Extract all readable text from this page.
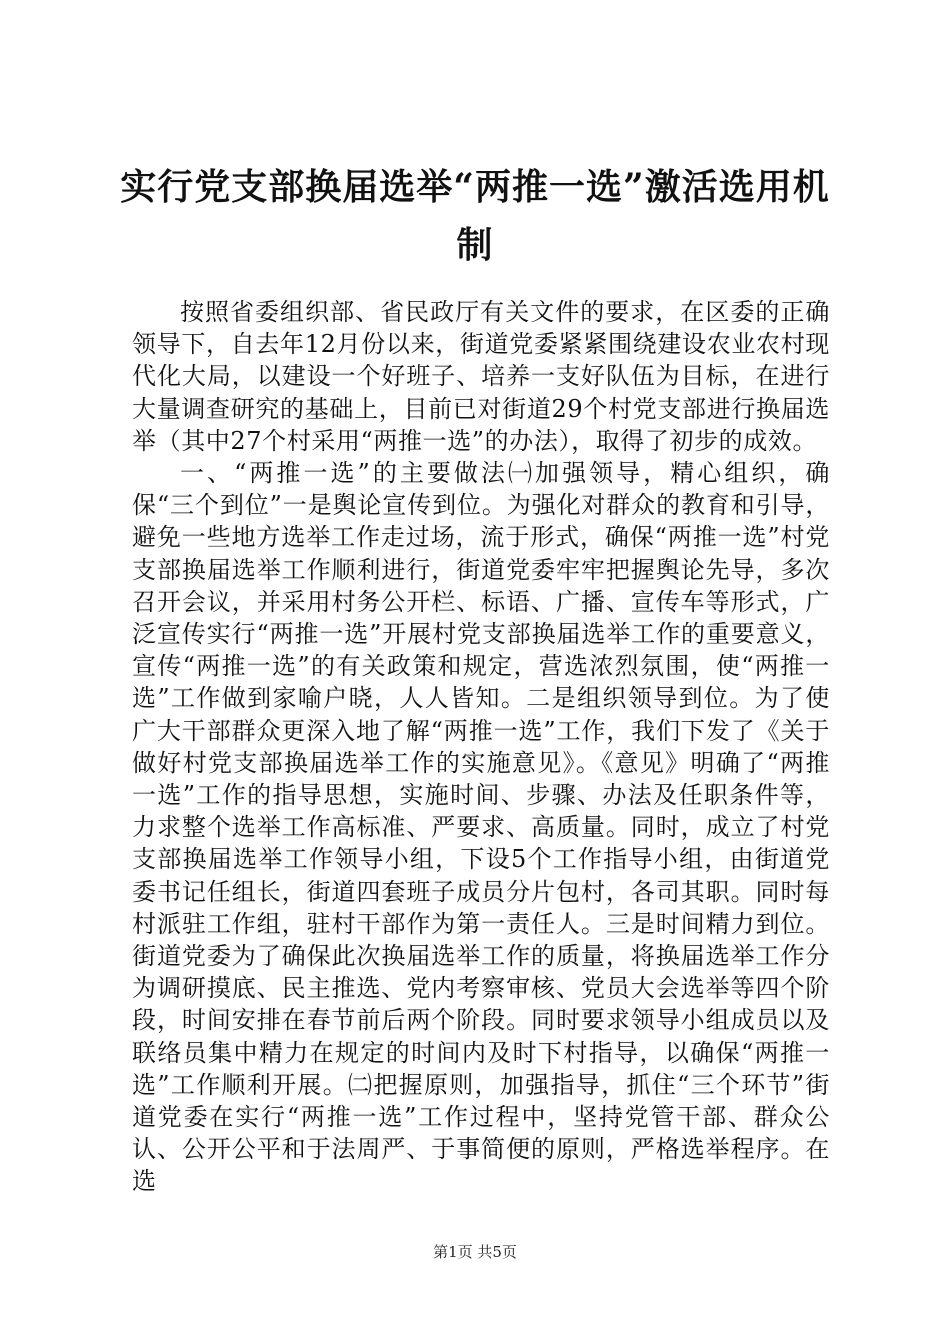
实行党支部换届选举“两推一选”激活选用机制

按照省委组织部、省民政厅有关文件的要求，在区委的正确领导下，自去年12月份以来，街道党委紧紧围绕建设农业农村现代化大局，以建设一个好班子、培养一支好队伍为目标，在进行大量调查研究的基础上，目前已对街道29个村党支部进行换届选举（其中27个村采用“两推一选”的办法），取得了初步的成效。

一、“两推一选”的主要做法㈠加强领导，精心组织，确保“三个到位”一是舆论宣传到位。为强化对群众的教育和引导，避免一些地方选举工作走过场，流于形式，确保“两推一选”村党支部换届选举工作顺利进行，街道党委牢牢把握舆论先导，多次召开会议，并采用村务公开栏、标语、广播、宣传车等形式，广泛宣传实行“两推一选”开展村党支部换届选举工作的重要意义，宣传“两推一选”的有关政策和规定，营选浓烈氛围，使“两推一选”工作做到家喻户晓，人人皆知。二是组织领导到位。为了使广大干部群众更深入地了解“两推一选”工作，我们下发了《关于做好村党支部换届选举工作的实施意见》。《意见》明确了“两推一选”工作的指导思想，实施时间、步骤、办法及任职条件等，力求整个选举工作高标准、严要求、高质量。同时，成立了村党支部换届选举工作领导小组，下设5个工作指导小组，由街道党委书记任组长，街道四套班子成员分片包村，各司其职。同时每村派驻工作组，驻村干部作为第一责任人。三是时间精力到位。街道党委为了确保此次换届选举工作的质量，将换届选举工作分为调研摸底、民主推选、党内考察审核、党员大会选举等四个阶段，时间安排在春节前后两个阶段。同时要求领导小组成员以及联络员集中精力在规定的时间内及时下村指导，以确保“两推一选”工作顺利开展。㈡把握原则，加强指导，抓住“三个环节”街道党委在实行“两推一选”工作过程中，坚持党管干部、群众公认、公开公平和于法周严、于事简便的原则，严格选举程序。在选

第1页 共5页
